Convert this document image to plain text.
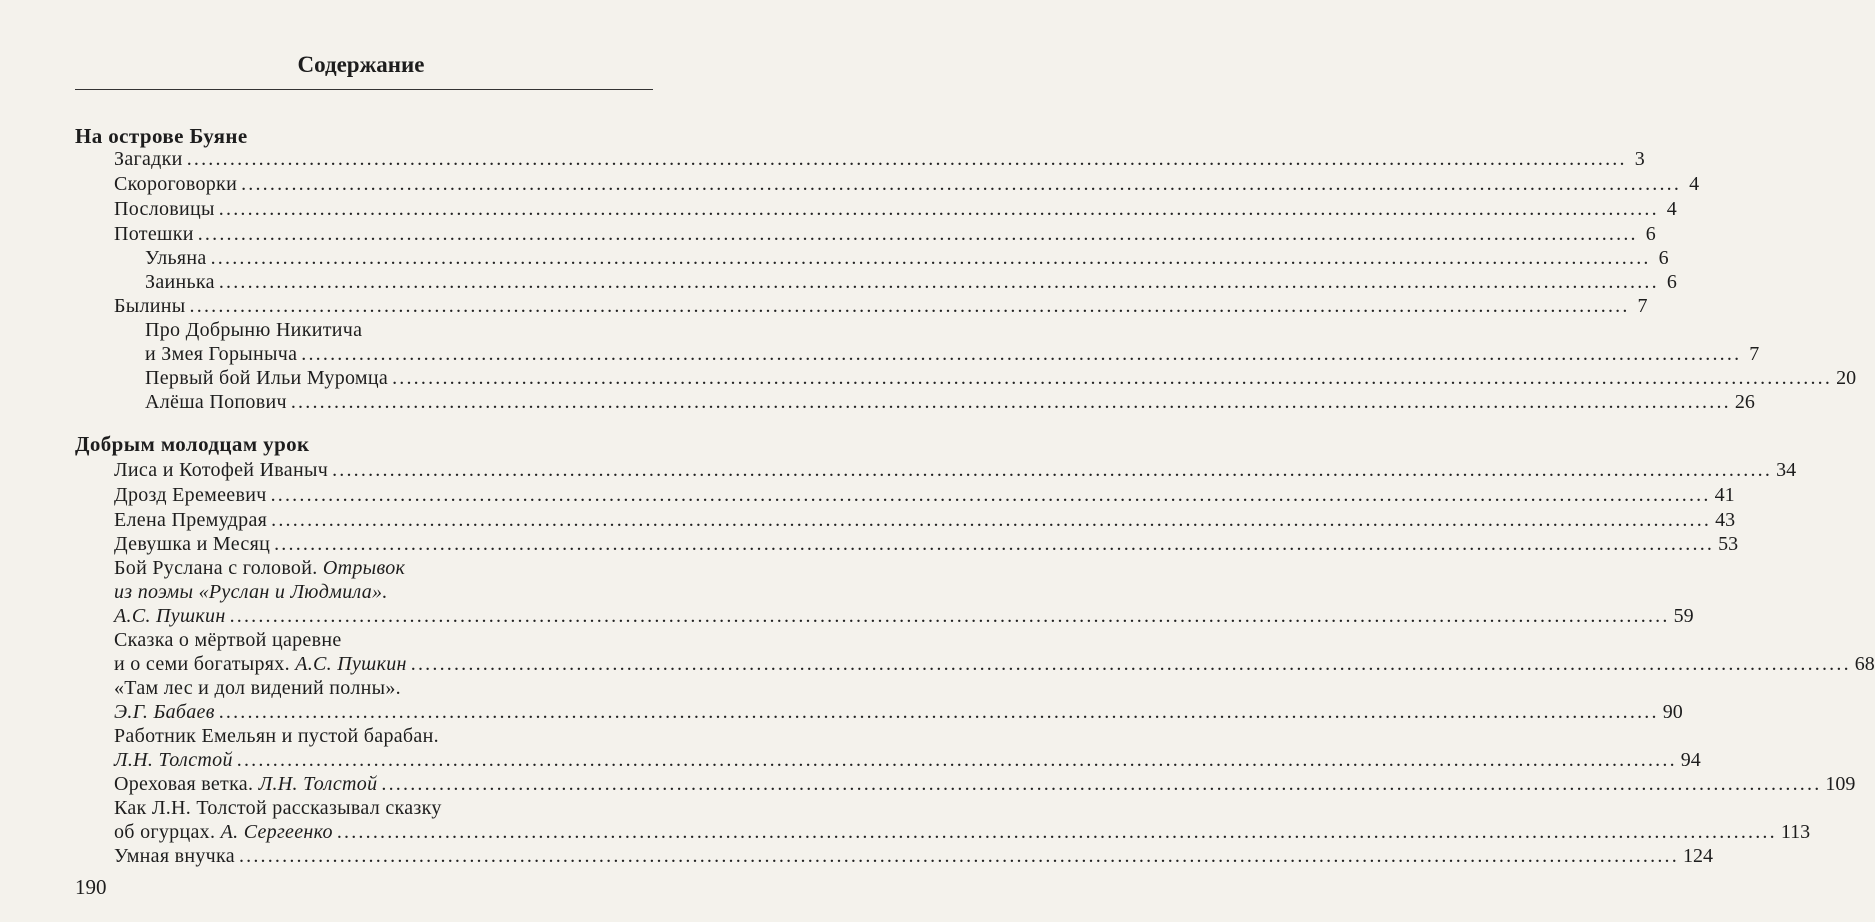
Содержание
На острове Буяне
Добрым молодцам урок
Загадки ........................................................................................................................................................................................................ 3
Скороговорки ........................................................................................................................................................................................................ 4
Пословицы ........................................................................................................................................................................................................ 4
Потешки ........................................................................................................................................................................................................ 6
Ульяна ........................................................................................................................................................................................................ 6
Заинька ........................................................................................................................................................................................................ 6
Былины ........................................................................................................................................................................................................ 7
Про Добрыню Никитича
и Змея Горыныча ........................................................................................................................................................................................................ 7
Первый бой Ильи Муромца ........................................................................................................................................................................................................ 20
Алёша Попович ........................................................................................................................................................................................................ 26
Лиса и Котофей Иваныч ........................................................................................................................................................................................................ 34
Дрозд Еремеевич ........................................................................................................................................................................................................ 41
Елена Премудрая ........................................................................................................................................................................................................ 43
Девушка и Месяц ........................................................................................................................................................................................................ 53
Бой Руслана с головой. Отрывок
из поэмы «Руслан и Людмила».
А.С. Пушкин ........................................................................................................................................................................................................ 59
Сказка о мёртвой царевне
и о семи богатырях. А.С. Пушкин ........................................................................................................................................................................................................ 68
«Там лес и дол видений полны».
Э.Г. Бабаев ........................................................................................................................................................................................................ 90
Работник Емельян и пустой барабан.
Л.Н. Толстой ........................................................................................................................................................................................................ 94
Ореховая ветка. Л.Н. Толстой ........................................................................................................................................................................................................ 109
Как Л.Н. Толстой рассказывал сказку
об огурцах. А. Сергеенко ........................................................................................................................................................................................................ 113
Умная внучка ........................................................................................................................................................................................................ 124
190
